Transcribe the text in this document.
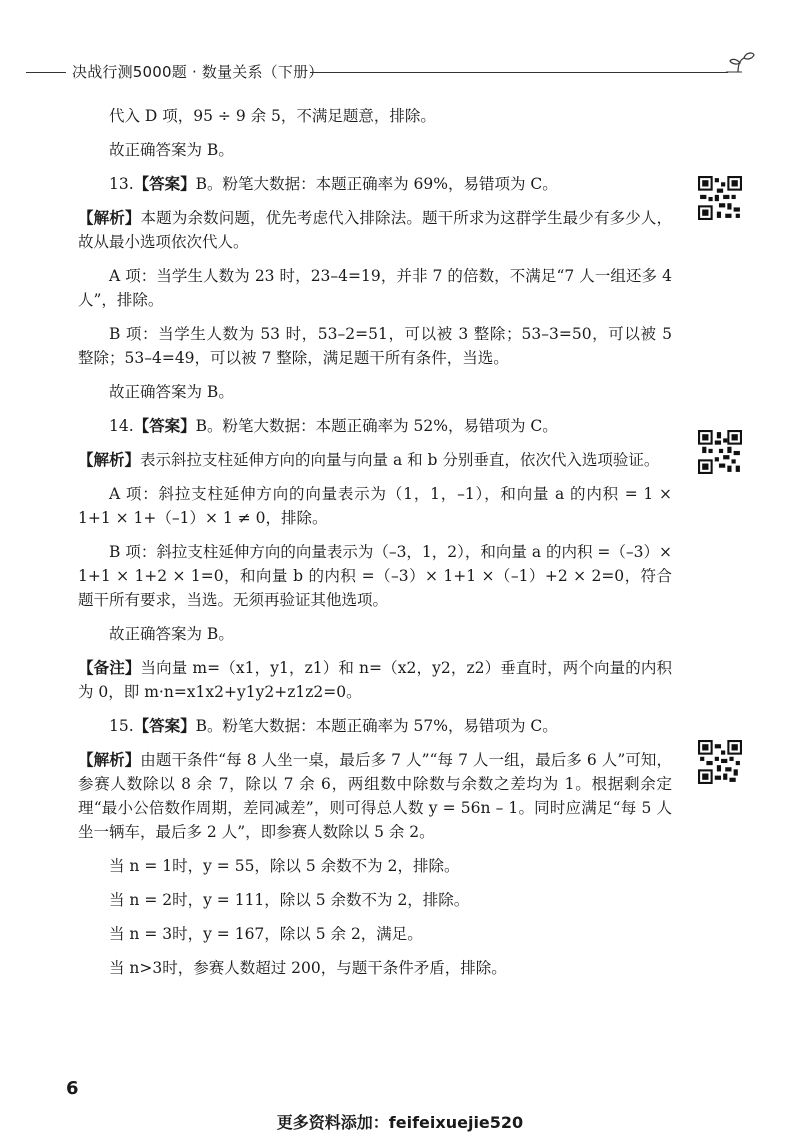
决战行测5000题 · 数量关系（下册）

代入 D 项，95 ÷ 9 余 5，不满足题意，排除。

故正确答案为 B。

13.【答案】B。粉笔大数据：本题正确率为 69%，易错项为 C。

【解析】本题为余数问题，优先考虑代入排除法。题干所求为这群学生最少有多少人，故从最小选项依次代人。

A 项：当学生人数为 23 时，23–4=19，并非 7 的倍数，不满足“7 人一组还多 4 人”，排除。

B 项：当学生人数为 53 时，53–2=51，可以被 3 整除；53–3=50，可以被 5 整除；53–4=49，可以被 7 整除，满足题干所有条件，当选。

故正确答案为 B。

14.【答案】B。粉笔大数据：本题正确率为 52%，易错项为 C。

【解析】表示斜拉支柱延伸方向的向量与向量 a 和 b 分别垂直，依次代入选项验证。

A 项：斜拉支柱延伸方向的向量表示为（1，1，–1），和向量 a 的内积 = 1 × 1+1 × 1+（–1）× 1 ≠ 0，排除。

B 项：斜拉支柱延伸方向的向量表示为（–3，1，2），和向量 a 的内积 =（–3）× 1+1 × 1+2 × 1=0，和向量 b 的内积 =（–3）× 1+1 ×（–1）+2 × 2=0，符合题干所有要求，当选。无须再验证其他选项。

故正确答案为 B。

【备注】当向量 m=（x1，y1，z1）和 n=（x2，y2，z2）垂直时，两个向量的内积为 0，即 m·n=x1x2+y1y2+z1z2=0。

15.【答案】B。粉笔大数据：本题正确率为 57%，易错项为 C。

【解析】由题干条件“每 8 人坐一桌，最后多 7 人”“每 7 人一组，最后多 6 人”可知，参赛人数除以 8 余 7，除以 7 余 6，两组数中除数与余数之差均为 1。根据剩余定理“最小公倍数作周期，差同减差”，则可得总人数 y = 56n – 1。同时应满足“每 5 人坐一辆车，最后多 2 人”，即参赛人数除以 5 余 2。

当 n = 1时，y = 55，除以 5 余数不为 2，排除。

当 n = 2时，y = 111，除以 5 余数不为 2，排除。

当 n = 3时，y = 167，除以 5 余 2，满足。

当 n>3时，参赛人数超过 200，与题干条件矛盾，排除。

6
更多资料添加：feifeixuejie520
